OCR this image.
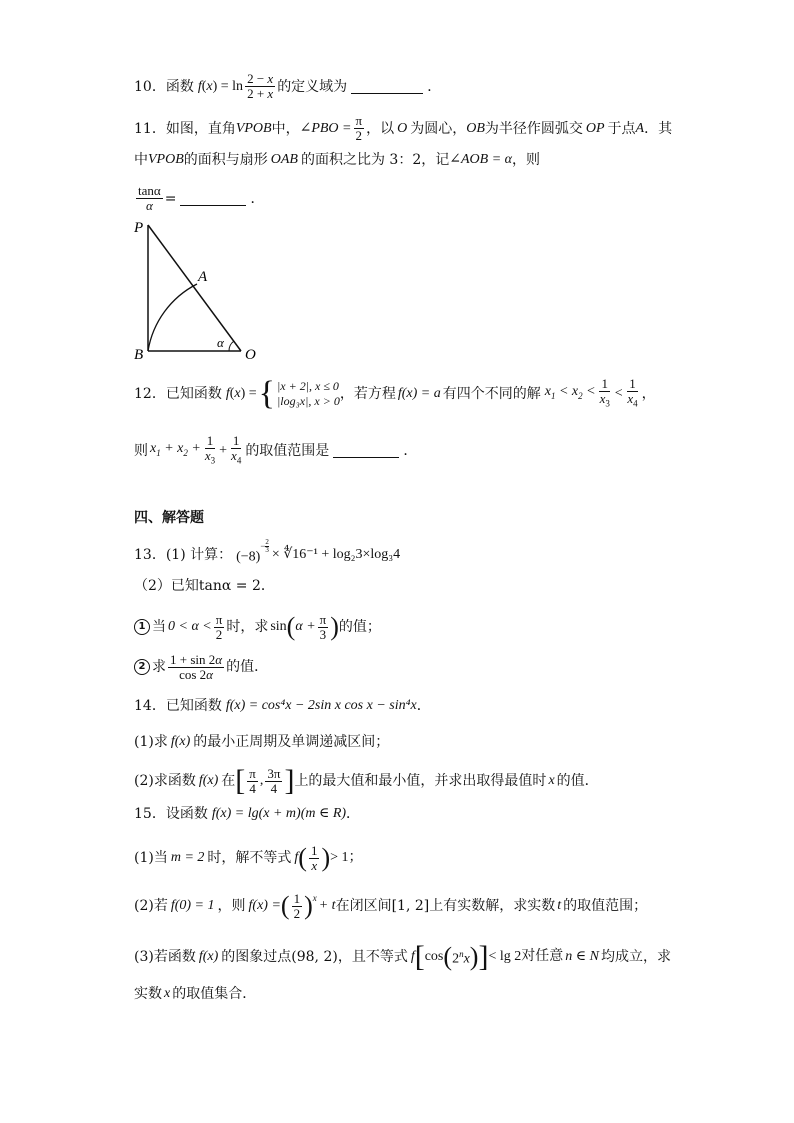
10． 函数 f ( x ) = $\ln \frac{2 - x}{2 + x}$ 的定义域为	．
11． 如图，直角 VPOB 中， ∠PBO = $\frac{\pi}{2}$ ，以 O 为圆心， OB 为半径作圆弧交 OP 于点 A ．其
中 VPOB 的面积与扇形 OAB 的面积之比为 3：2，记 ∠AOB = α ，则
$\frac{\tan\alpha}{\alpha}$ =	．
P
A
B	O
α
12． 已知函数 f ( x ) = { |x + 2|, x ≤ 0
|log₃x|, x > 0 ，若方程 f(x) = a 有四个不同的解 $x_1 < x_2 < \frac{1}{x_3} < \frac{1}{x_4}$ ，
则 $x_1 + x_2 + \frac{1}{x_3} + \frac{1}{x_4}$ 的取值范围是	．
四、解答题
13． (1) 计算： $(-8)^{- \frac{2}{3}}$ × ∜16⁻¹ + log₂3×log₃4
（2）已知tanα = 2．
1 当 $0 < \alpha < \frac{\pi}{2}$ 时，求 sin ( $\alpha + \frac{\pi}{3}$ ) 的值；
2 求 $\frac{1 + \sin 2\alpha}{\cos 2\alpha}$ 的值．
14． 已知函数 f(x) = cos⁴x − 2sin x cos x − sin⁴x ．
(1)求 f(x) 的最小正周期及单调递减区间；
(2)求函数 f(x) 在 [ $\frac{\pi}{4}$ , $\frac{3\pi}{4}$ ] 上的最大值和最小值，并求出取得最值时 x 的值．
15． 设函数 f(x) = lg(x + m)(m ∈ R) ．
(1)当 m = 2 时，解不等式 f ( $\frac{1}{x}$ ) > 1；
(2)若 f(0) = 1 ，则 f(x) = ( $\frac{1}{2} )^x + t$ 在闭区间[1, 2]上有实数解，求实数 t 的取值范围；
(3)若函数 f(x) 的图象过点(98, 2)，且不等式 f [ cos ( 2$^n$x ) ] < lg 2对任意 n ∈ N 均成立，求
实数 x 的取值集合．
